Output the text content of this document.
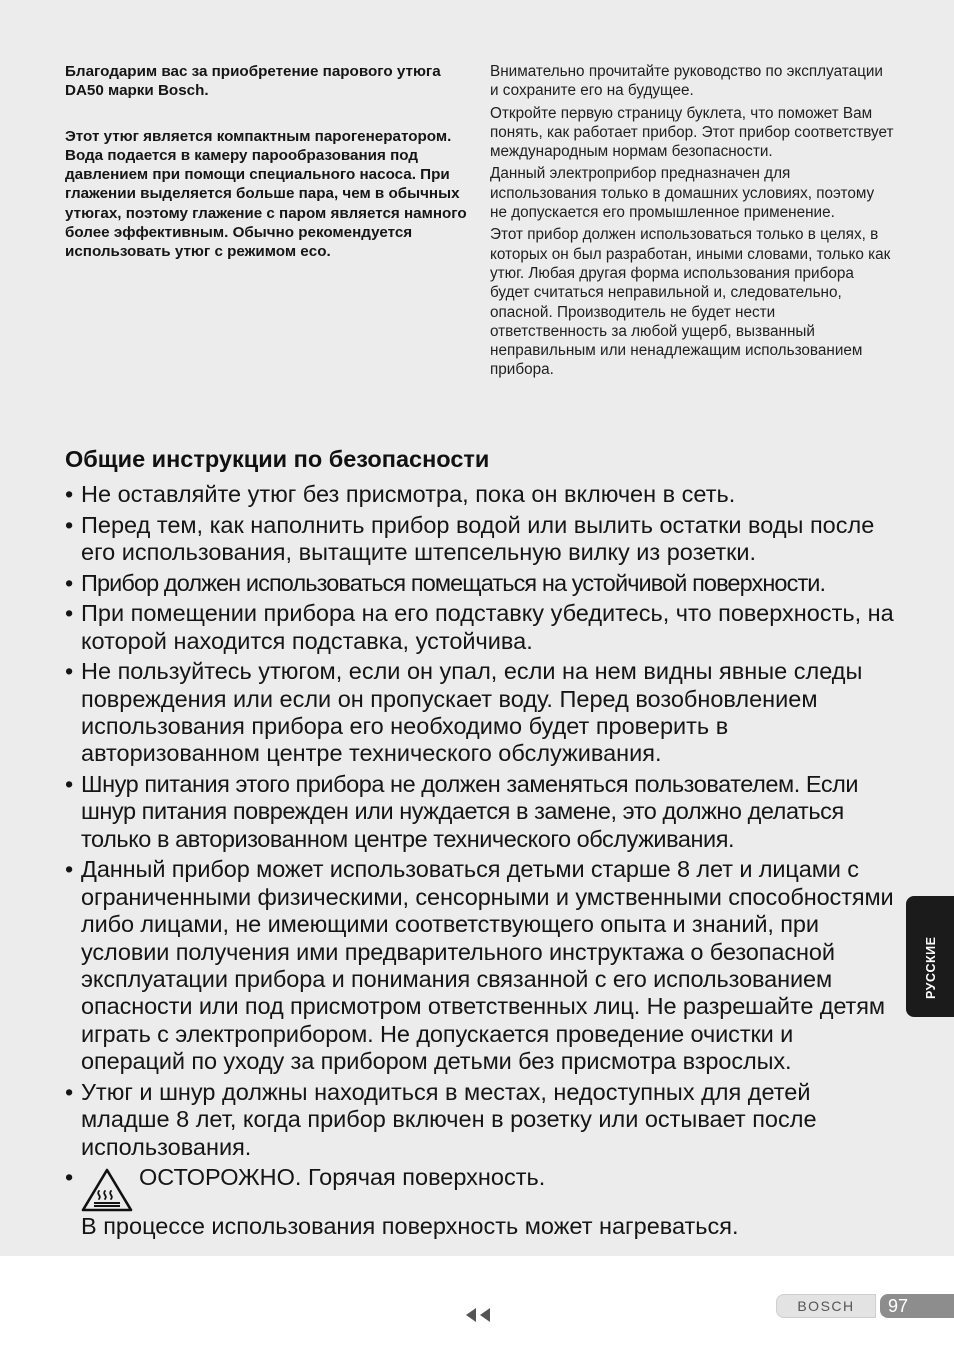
Благодарим вас за приобретение парового утюга DA50 марки Bosch.

Этот утюг является компактным парогенератором. Вода подается в камеру парообразования под давлением при помощи специального насоса. При глажении выделяется больше пара, чем в обычных утюгах, поэтому глажение с паром является намного более эффективным. Обычно рекомендуется использовать утюг с режимом eco.

Внимательно прочитайте руководство по эксплуатации и сохраните его на будущее.

Откройте первую страницу буклета, что поможет Вам понять, как работает прибор. Этот прибор соответствует международным нормам безопасности.

Данный электроприбор предназначен для использования только в домашних условиях, поэтому не допускается его промышленное применение.

Этот прибор должен использоваться только в целях, в которых он был разработан, иными словами, только как утюг. Любая другая форма использования прибора будет считаться неправильной и, следовательно, опасной. Производитель не будет нести ответственность за любой ущерб, вызванный неправильным или ненадлежащим использованием прибора.

Общие инструкции по безопасности
• Не оставляйте утюг без присмотра, пока он включен в сеть.
• Перед тем, как наполнить прибор водой или вылить остатки воды после его использования, вытащите штепсельную вилку из розетки.
• Прибор должен использоваться помещаться на устойчивой поверхности.
• При помещении прибора на его подставку убедитесь, что поверхность, на которой находится подставка, устойчива.
• Не пользуйтесь утюгом, если он упал, если на нем видны явные следы повреждения или если он пропускает воду. Перед возобновлением использования прибора его необходимо будет проверить в авторизованном центре технического обслуживания.
• Шнур питания этого прибора не должен заменяться пользователем. Если шнур питания поврежден или нуждается в замене, это должно делаться только в авторизованном центре технического обслуживания.
• Данный прибор может использоваться детьми старше 8 лет и лицами с ограниченными физическими, сенсорными и умственными способностями либо лицами, не имеющими соответствующего опыта и знаний, при условии получения ими предварительного инструктажа о безопасной эксплуатации прибора и понимания связанной с его использованием опасности или под присмотром ответственных лиц. Не разрешайте детям играть с электроприбором. Не допускается проведение очистки и операций по уходу за прибором детьми без присмотра взрослых.
• Утюг и шнур должны находиться в местах, недоступных для детей младше 8 лет, когда прибор включен в розетку или остывает после использования.
•	ОСТОРОЖНО. Горячая поверхность.
В процессе использования поверхность может нагреваться.
РУССКИЕ
BOSCH	97
